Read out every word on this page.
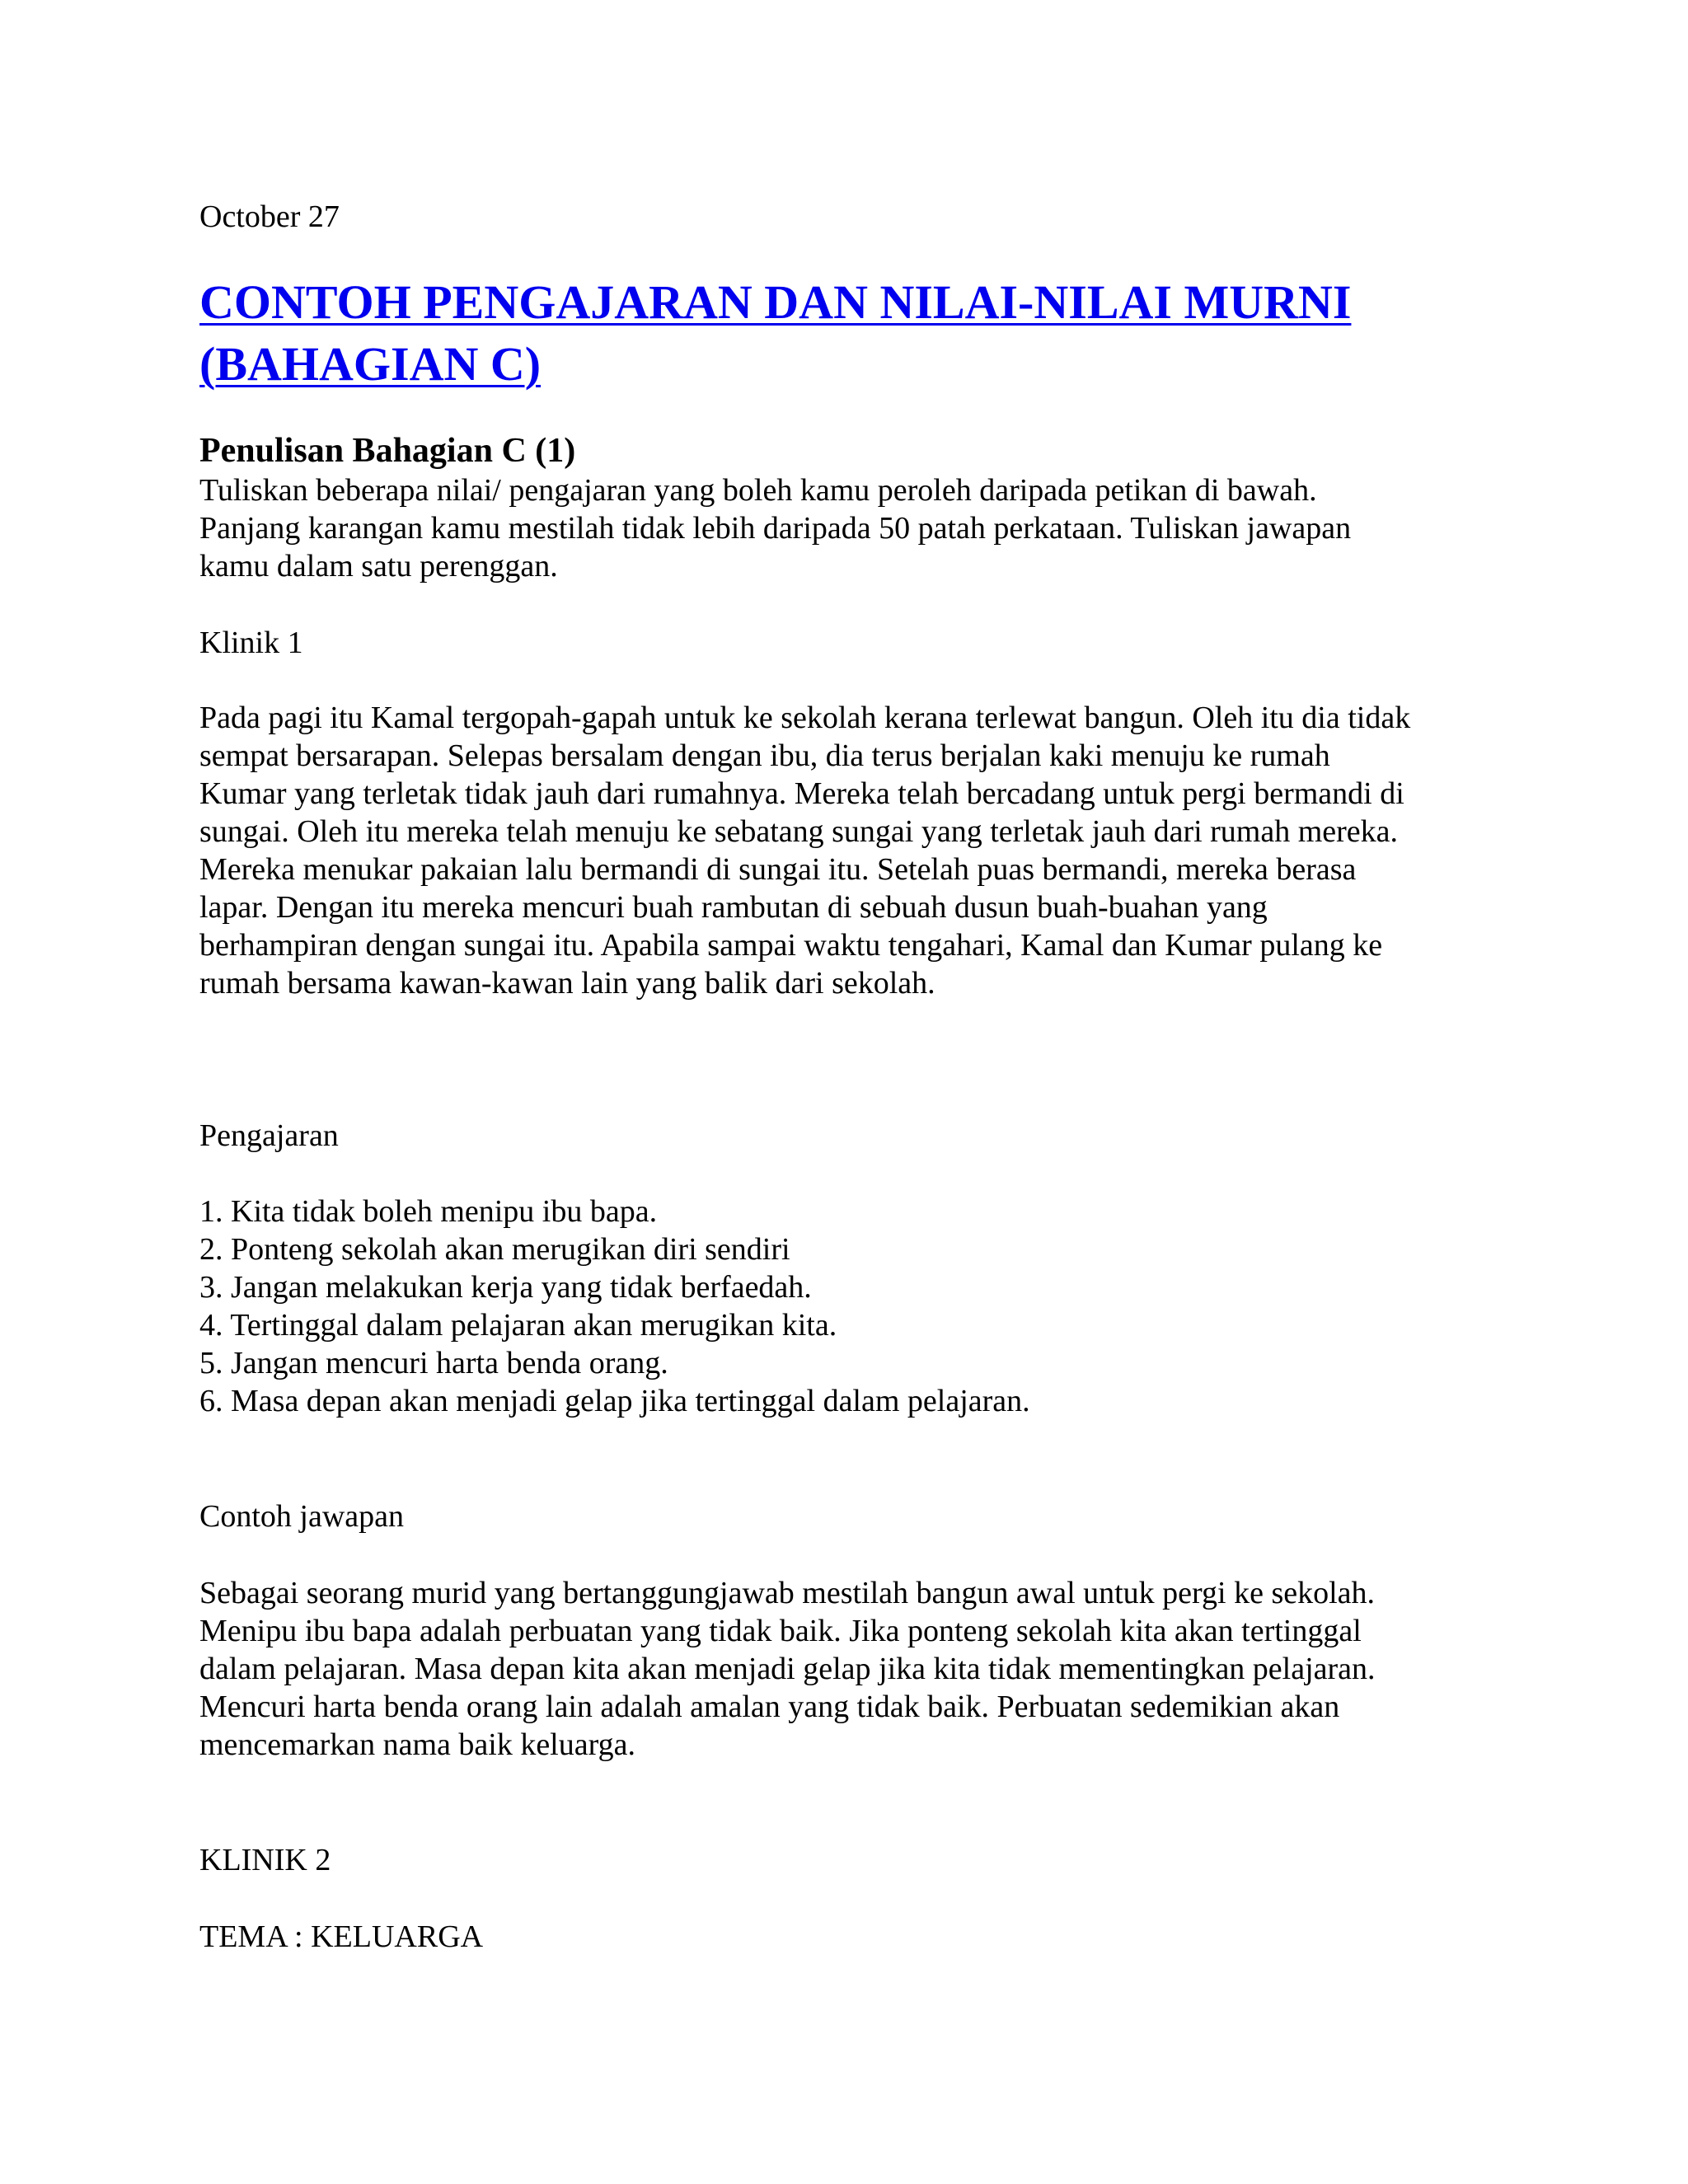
October 27
CONTOH PENGAJARAN DAN NILAI-NILAI MURNI
(BAHAGIAN C)
Penulisan Bahagian C (1)
Tuliskan beberapa nilai/ pengajaran yang boleh kamu peroleh daripada petikan di bawah.
Panjang karangan kamu mestilah tidak lebih daripada 50 patah perkataan. Tuliskan jawapan
kamu dalam satu perenggan.
Klinik 1
Pada pagi itu Kamal tergopah-gapah untuk ke sekolah kerana terlewat bangun. Oleh itu dia tidak
sempat bersarapan. Selepas bersalam dengan ibu, dia terus berjalan kaki menuju ke rumah
Kumar yang terletak tidak jauh dari rumahnya. Mereka telah bercadang untuk pergi bermandi di
sungai. Oleh itu mereka telah menuju ke sebatang sungai yang terletak jauh dari rumah mereka.
Mereka menukar pakaian lalu bermandi di sungai itu. Setelah puas bermandi, mereka berasa
lapar. Dengan itu mereka mencuri buah rambutan di sebuah dusun buah-buahan yang
berhampiran dengan sungai itu. Apabila sampai waktu tengahari, Kamal dan Kumar pulang ke
rumah bersama kawan-kawan lain yang balik dari sekolah.
Pengajaran
1. Kita tidak boleh menipu ibu bapa.
2. Ponteng sekolah akan merugikan diri sendiri
3. Jangan melakukan kerja yang tidak berfaedah.
4. Tertinggal dalam pelajaran akan merugikan kita.
5. Jangan mencuri harta benda orang.
6. Masa depan akan menjadi gelap jika tertinggal dalam pelajaran.
Contoh jawapan
Sebagai seorang murid yang bertanggungjawab mestilah bangun awal untuk pergi ke sekolah.
Menipu ibu bapa adalah perbuatan yang tidak baik. Jika ponteng sekolah kita akan tertinggal
dalam pelajaran. Masa depan kita akan menjadi gelap jika kita tidak mementingkan pelajaran.
Mencuri harta benda orang lain adalah amalan yang tidak baik. Perbuatan sedemikian akan
mencemarkan nama baik keluarga.
KLINIK 2
TEMA : KELUARGA
